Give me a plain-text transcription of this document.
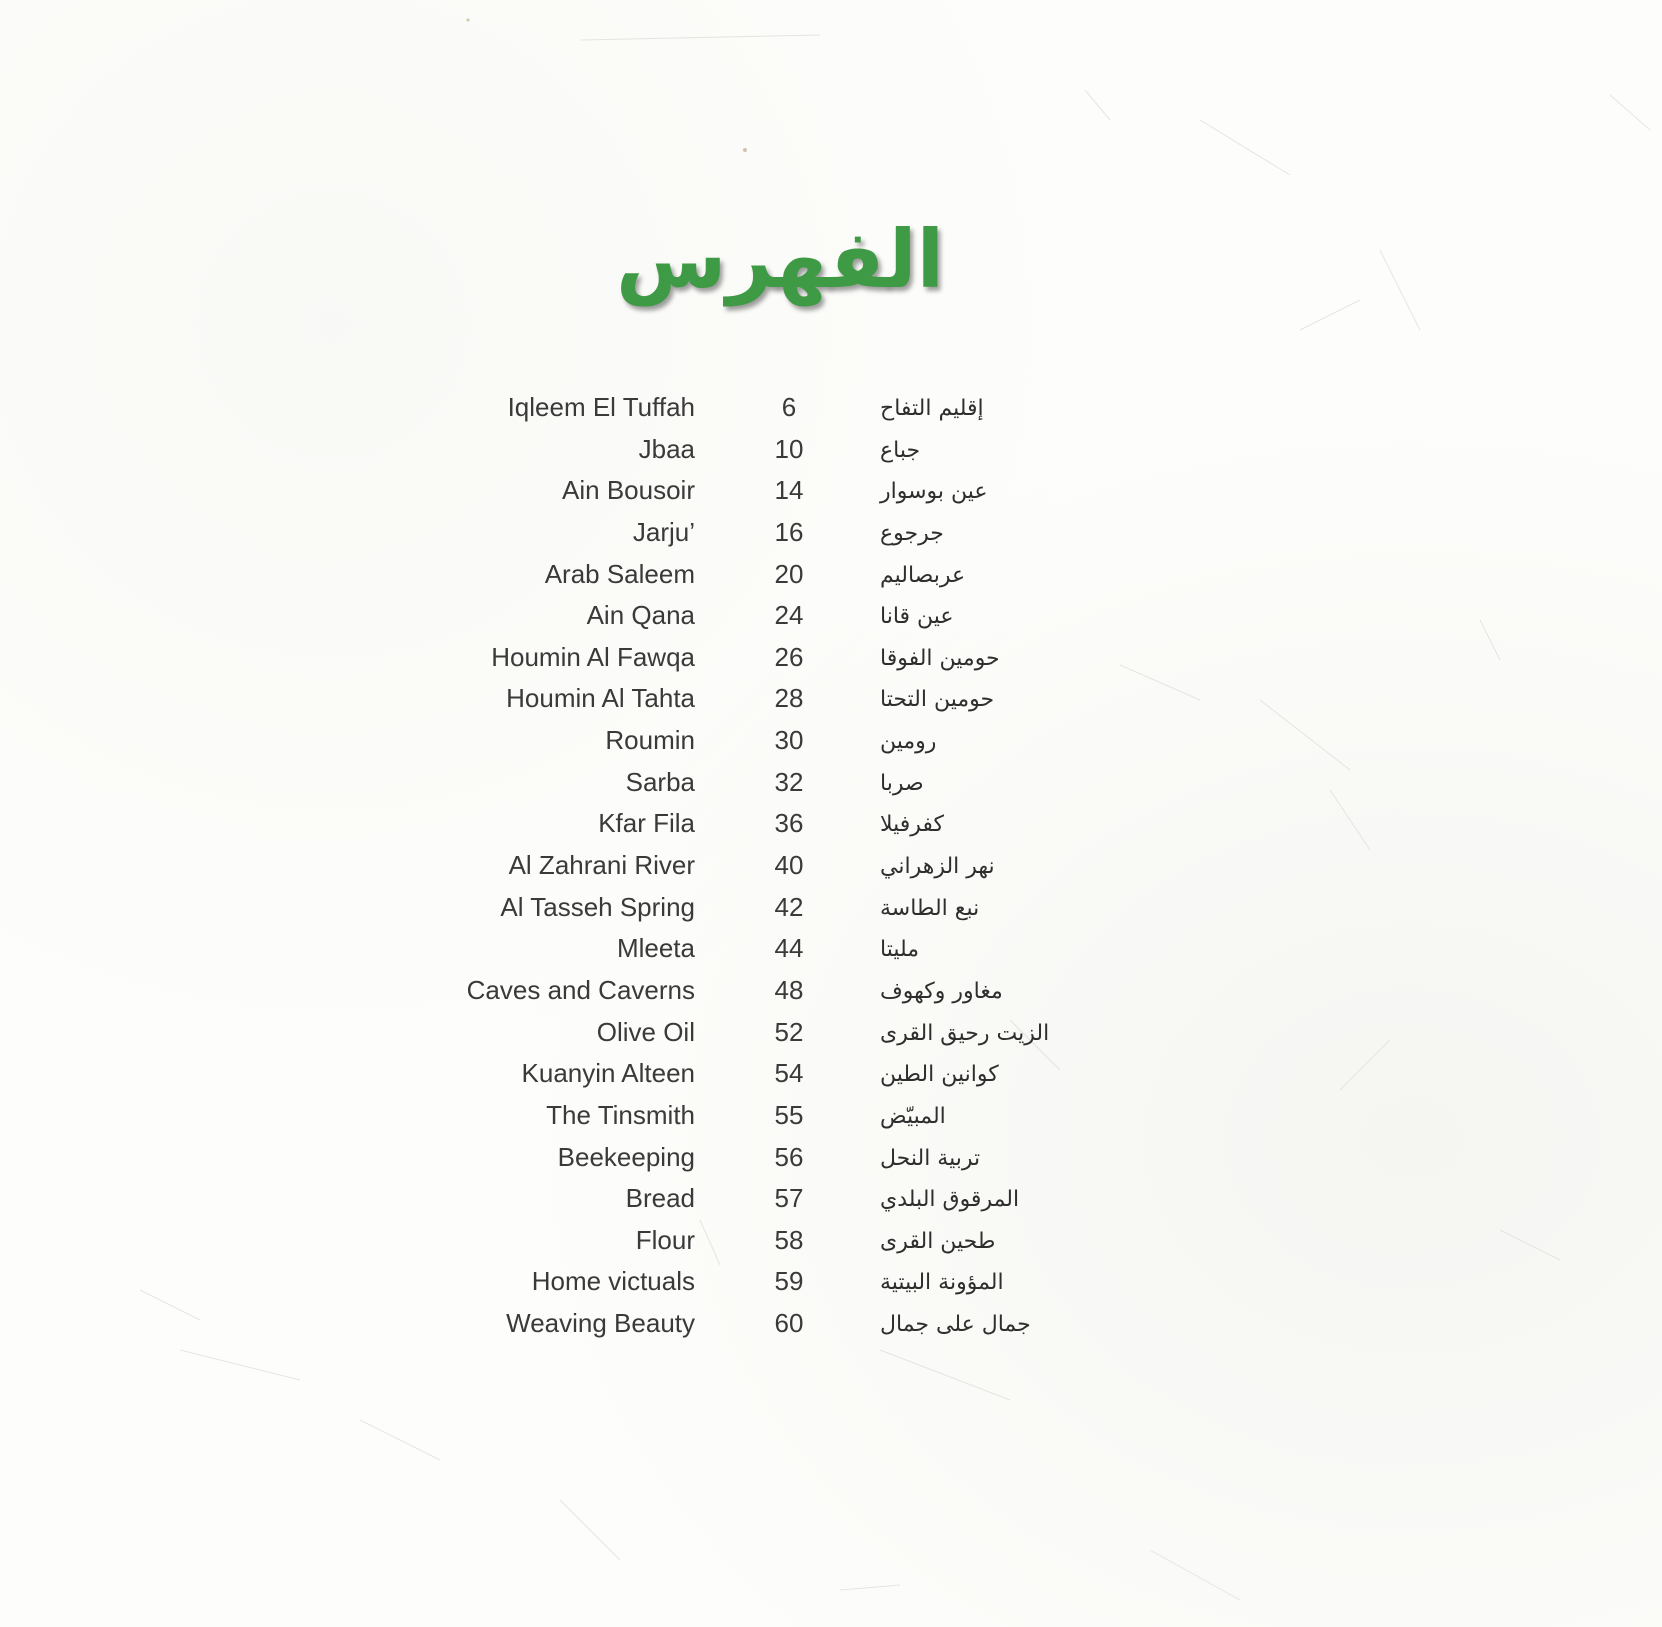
الفهرس
Iqleem El Tuffah	6	إقليم التفاح
Jbaa	10	جباع
Ain Bousoir	14	عين بوسوار
Jarju’	16	جرجوع
Arab Saleem	20	عربصاليم
Ain Qana	24	عين قانا
Houmin Al Fawqa	26	حومين الفوقا
Houmin Al Tahta	28	حومين التحتا
Roumin	30	رومين
Sarba	32	صربا
Kfar Fila	36	كفرفيلا
Al Zahrani River	40	نهر الزهراني
Al Tasseh Spring	42	نبع الطاسة
Mleeta	44	مليتا
Caves and Caverns	48	مغاور وكهوف
Olive Oil	52	الزيت رحيق القرى
Kuanyin Alteen	54	كوانين الطين
The Tinsmith	55	المبيّض
Beekeeping	56	تربية النحل
Bread	57	المرقوق البلدي
Flour	58	طحين القرى
Home victuals	59	المؤونة البيتية
Weaving Beauty	60	جمال على جمال
